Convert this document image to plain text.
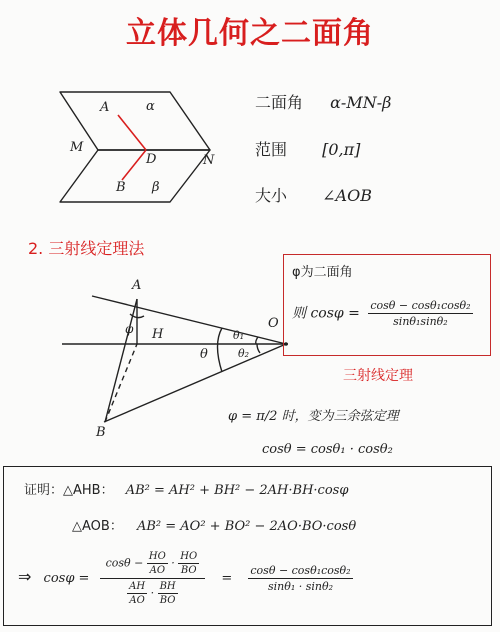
立体几何之二面角
A	α
M
D	N
B β
二面角 α-MN-β
范围 [0,π]
大小 ∠AOB
2. 三射线定理法
A
φ H
O
θ₁
θ₂
θ
B
φ为二面角
则 $\cos\varphi = \frac{\text{cosθ − cosθ₁cosθ₂}}{\text{sinθ₁sinθ₂}}$
三射线定理
φ = π/2 时，变为三余弦定理
cosθ = cosθ₁ · cosθ₂
证明：△AHB： AB² = AH² + BH² − 2AH·BH·cosφ
△AOB： AB² = AO² + BO² − 2AO·BO·cosθ
⇒ cosφ =
$\cos\theta - \frac{HO}{AO} \cdot \frac{HO}{BO}$
$\frac{AH}{AO} \cdot \frac{BH}{BO}$
= $\frac{\text{cosθ − cosθ₁cosθ₂}}{\text{sinθ₁ · sinθ₂}}$
